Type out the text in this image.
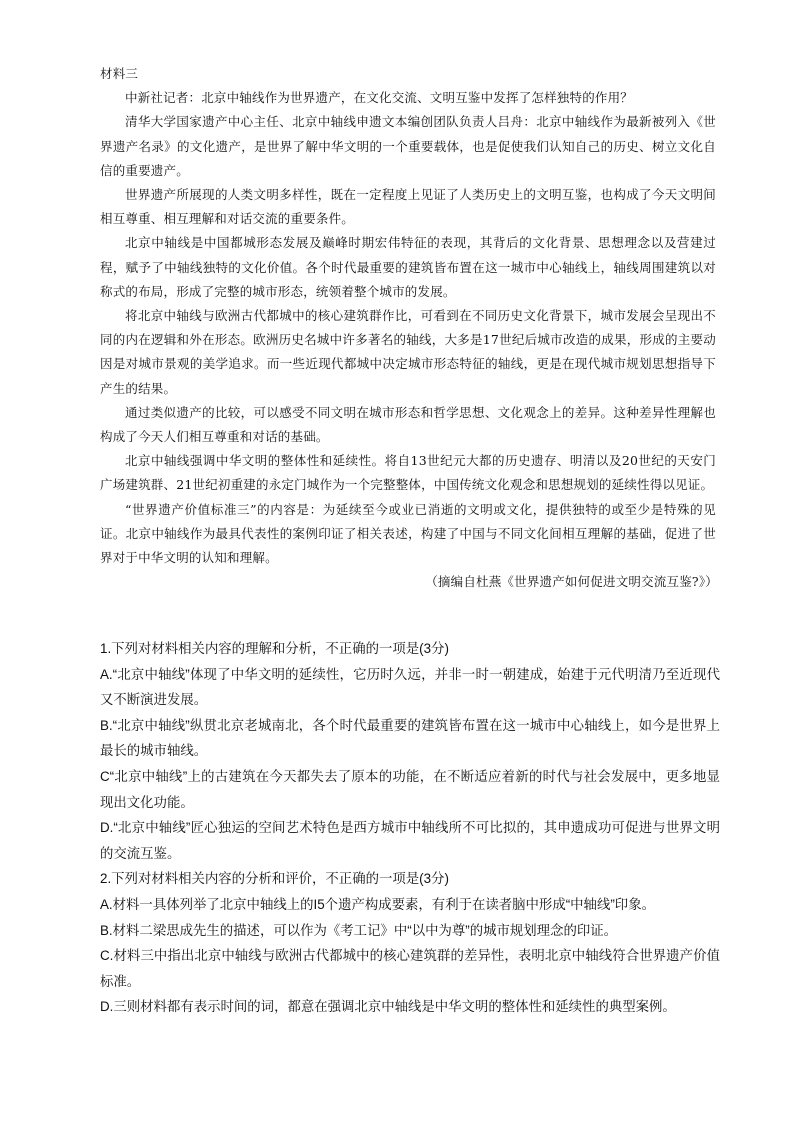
材料三

中新社记者：北京中轴线作为世界遗产，在文化交流、文明互鉴中发挥了怎样独特的作用？

清华大学国家遗产中心主任、北京中轴线申遗文本编创团队负责人吕舟：北京中轴线作为最新被列入《世界遗产名录》的文化遗产，是世界了解中华文明的一个重要载体，也是促使我们认知自己的历史、树立文化自信的重要遗产。

世界遗产所展现的人类文明多样性，既在一定程度上见证了人类历史上的文明互鉴，也构成了今天文明间相互尊重、相互理解和对话交流的重要条件。

北京中轴线是中国都城形态发展及巅峰时期宏伟特征的表现，其背后的文化背景、思想理念以及营建过程，赋予了中轴线独特的文化价值。各个时代最重要的建筑皆布置在这一城市中心轴线上，轴线周围建筑以对称式的布局，形成了完整的城市形态，统领着整个城市的发展。

将北京中轴线与欧洲古代都城中的核心建筑群作比，可看到在不同历史文化背景下，城市发展会呈现出不同的内在逻辑和外在形态。欧洲历史名城中许多著名的轴线，大多是17世纪后城市改造的成果，形成的主要动因是对城市景观的美学追求。而一些近现代都城中决定城市形态特征的轴线，更是在现代城市规划思想指导下产生的结果。

通过类似遗产的比较，可以感受不同文明在城市形态和哲学思想、文化观念上的差异。这种差异性理解也构成了今天人们相互尊重和对话的基础。

北京中轴线强调中华文明的整体性和延续性。将自13世纪元大都的历史遗存、明清以及20世纪的天安门广场建筑群、21世纪初重建的永定门城作为一个完整整体，中国传统文化观念和思想规划的延续性得以见证。

“世界遗产价值标准三”的内容是：为延续至今或业已消逝的文明或文化，提供独特的或至少是特殊的见证。北京中轴线作为最具代表性的案例印证了相关表述，构建了中国与不同文化间相互理解的基础，促进了世界对于中华文明的认知和理解。

（摘编自杜燕《世界遗产如何促进文明交流互鉴?》）

1.下列对材料相关内容的理解和分析，不正确的一项是(3分)

A.“北京中轴线”体现了中华文明的延续性，它历时久远，并非一时一朝建成，始建于元代明清乃至近现代又不断演进发展。

B.“北京中轴线”纵贯北京老城南北，各个时代最重要的建筑皆布置在这一城市中心轴线上，如今是世界上最长的城市轴线。

C“北京中轴线”上的古建筑在今天都失去了原本的功能，在不断适应着新的时代与社会发展中，更多地显现出文化功能。

D.“北京中轴线”匠心独运的空间艺术特色是西方城市中轴线所不可比拟的，其申遗成功可促进与世界文明的交流互鉴。

2.下列对材料相关内容的分析和评价，不正确的一项是(3分)

A.材料一具体列举了北京中轴线上的I5个遗产构成要素，有利于在读者脑中形成“中轴线”印象。

B.材料二梁思成先生的描述，可以作为《考工记》中“以中为尊”的城市规划理念的印证。

C.材料三中指出北京中轴线与欧洲古代都城中的核心建筑群的差异性，表明北京中轴线符合世界遗产价值标准。

D.三则材料都有表示时间的词，都意在强调北京中轴线是中华文明的整体性和延续性的典型案例。
